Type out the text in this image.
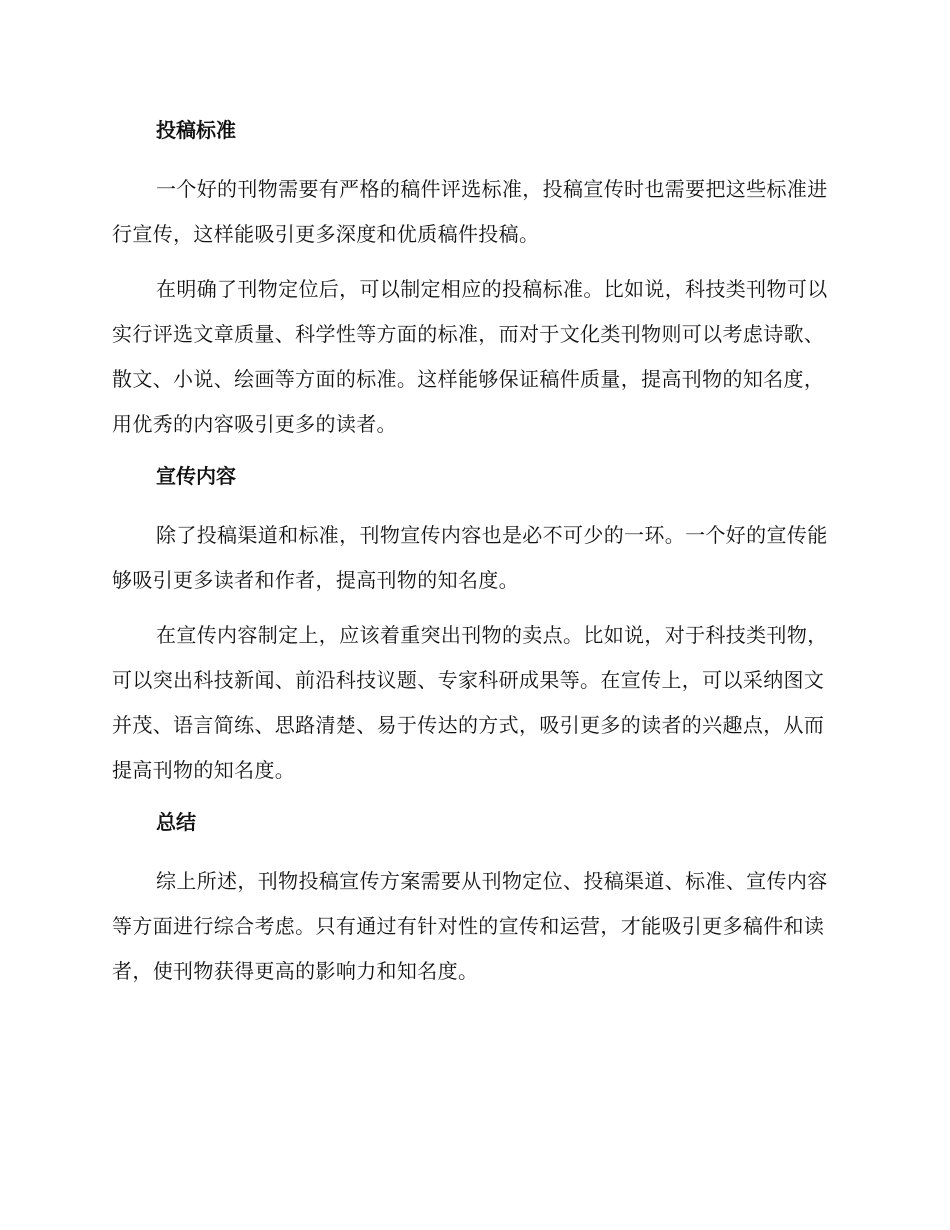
投稿标准

一个好的刊物需要有严格的稿件评选标准，投稿宣传时也需要把这些标准进行宣传，这样能吸引更多深度和优质稿件投稿。

在明确了刊物定位后，可以制定相应的投稿标准。比如说，科技类刊物可以实行评选文章质量、科学性等方面的标准，而对于文化类刊物则可以考虑诗歌、散文、小说、绘画等方面的标准。这样能够保证稿件质量，提高刊物的知名度，用优秀的内容吸引更多的读者。

宣传内容

除了投稿渠道和标准，刊物宣传内容也是必不可少的一环。一个好的宣传能够吸引更多读者和作者，提高刊物的知名度。

在宣传内容制定上，应该着重突出刊物的卖点。比如说，对于科技类刊物，可以突出科技新闻、前沿科技议题、专家科研成果等。在宣传上，可以采纳图文并茂、语言简练、思路清楚、易于传达的方式，吸引更多的读者的兴趣点，从而提高刊物的知名度。

总结

综上所述，刊物投稿宣传方案需要从刊物定位、投稿渠道、标准、宣传内容等方面进行综合考虑。只有通过有针对性的宣传和运营，才能吸引更多稿件和读者，使刊物获得更高的影响力和知名度。
